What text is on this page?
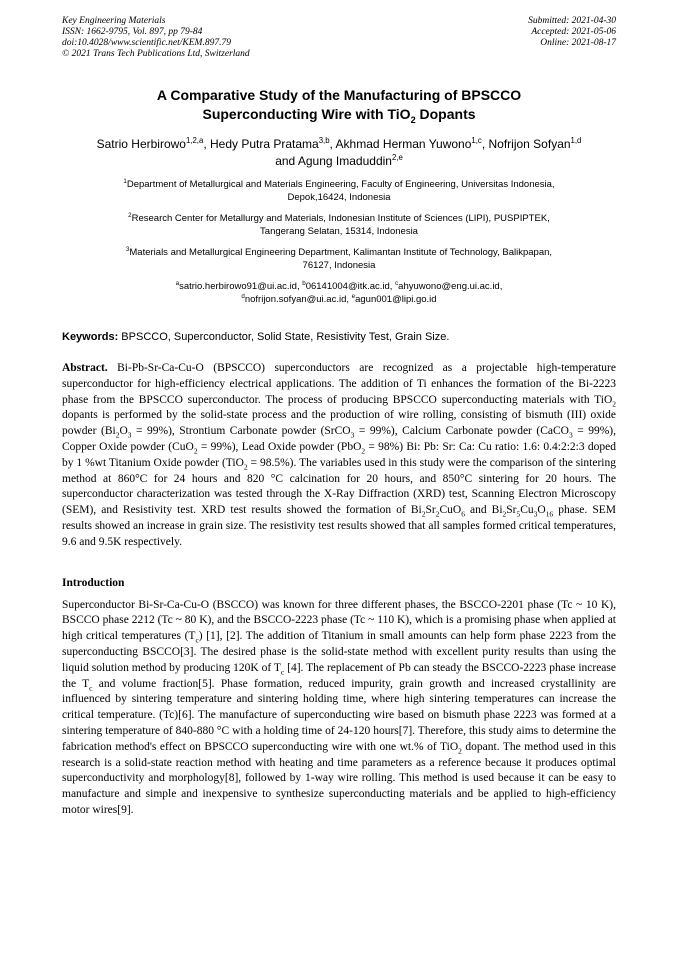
Key Engineering Materials
ISSN: 1662-9795, Vol. 897, pp 79-84
doi:10.4028/www.scientific.net/KEM.897.79
© 2021 Trans Tech Publications Ltd, Switzerland
Submitted: 2021-04-30
Accepted: 2021-05-06
Online: 2021-08-17
A Comparative Study of the Manufacturing of BPSCCO Superconducting Wire with TiO$_2$ Dopants

Satrio Herbirowo$^{1,2,a}$, Hedy Putra Pratama$^{3,b}$, Akhmad Herman Yuwono$^{1,c}$, Nofrijon Sofyan$^{1,d}$ and Agung Imaduddin$^{2,e}$

$^1$Department of Metallurgical and Materials Engineering, Faculty of Engineering, Universitas Indonesia, Depok,16424, Indonesia

$^2$Research Center for Metallurgy and Materials, Indonesian Institute of Sciences (LIPI), PUSPIPTEK, Tangerang Selatan, 15314, Indonesia

$^3$Materials and Metallurgical Engineering Department, Kalimantan Institute of Technology, Balikpapan, 76127, Indonesia

$^a$satrio.herbirowo91@ui.ac.id, $^b$06141004@itk.ac.id, $^c$ahyuwono@eng.ui.ac.id, $^d$nofrijon.sofyan@ui.ac.id, $^e$agun001@lipi.go.id

Keywords: BPSCCO, Superconductor, Solid State, Resistivity Test, Grain Size.

Abstract. Bi-Pb-Sr-Ca-Cu-O (BPSCCO) superconductors are recognized as a projectable high-temperature superconductor for high-efficiency electrical applications. The addition of Ti enhances the formation of the Bi-2223 phase from the BPSCCO superconductor. The process of producing BPSCCO superconducting materials with TiO$_2$ dopants is performed by the solid-state process and the production of wire rolling, consisting of bismuth (III) oxide powder $(Bi_2O_3 = 99\%)$, Strontium Carbonate powder (SrCO$_3$ = 99%), Calcium Carbonate powder (CaCO$_3$ = 99%), Copper Oxide powder (CuO$_2$ = 99%), Lead Oxide powder (PbO$_2$ = 98%) Bi: Pb: Sr: Ca: Cu ratio: 1.6: 0.4:2:2:3 doped by 1 %wt Titanium Oxide powder (TiO$_2$ = 98.5%). The variables used in this study were the comparison of the sintering method at 860°C for 24 hours and 820 °C calcination for 20 hours, and 850°C sintering for 20 hours. The superconductor characterization was tested through the X-Ray Diffraction (XRD) test, Scanning Electron Microscopy (SEM), and Resistivity test. XRD test results showed the formation of $Bi_2Sr_2CuO_6$ and $Bi_2Sr_5Cu_3O_{16}$ phase. SEM results showed an increase in grain size. The resistivity test results showed that all samples formed critical temperatures, 9.6 and 9.5K respectively.

Introduction

Superconductor Bi-Sr-Ca-Cu-O (BSCCO) was known for three different phases, the BSCCO-2201 phase (Tc ~ 10 K), BSCCO phase 2212 (Tc ~ 80 K), and the BSCCO-2223 phase (Tc ~ 110 K), which is a promising phase when applied at high critical temperatures $(T_c)$ [1], [2]. The addition of Titanium in small amounts can help form phase 2223 from the superconducting BSCCO[3]. The desired phase is the solid-state method with excellent purity results than using the liquid solution method by producing 120K of $T_c$ [4]. The replacement of Pb can steady the BSCCO-2223 phase increase the $T_c$ and volume fraction[5]. Phase formation, reduced impurity, grain growth and increased crystallinity are influenced by sintering temperature and sintering holding time, where high sintering temperatures can increase the critical temperature. (Tc)[6]. The manufacture of superconducting wire based on bismuth phase 2223 was formed at a sintering temperature of 840-880 °C with a holding time of 24-120 hours[7]. Therefore, this study aims to determine the fabrication method's effect on BPSCCO superconducting wire with one wt.% of TiO$_2$ dopant. The method used in this research is a solid-state reaction method with heating and time parameters as a reference because it produces optimal superconductivity and morphology[8], followed by 1-way wire rolling. This method is used because it can be easy to manufacture and simple and inexpensive to synthesize superconducting materials and be applied to high-efficiency motor wires[9].
